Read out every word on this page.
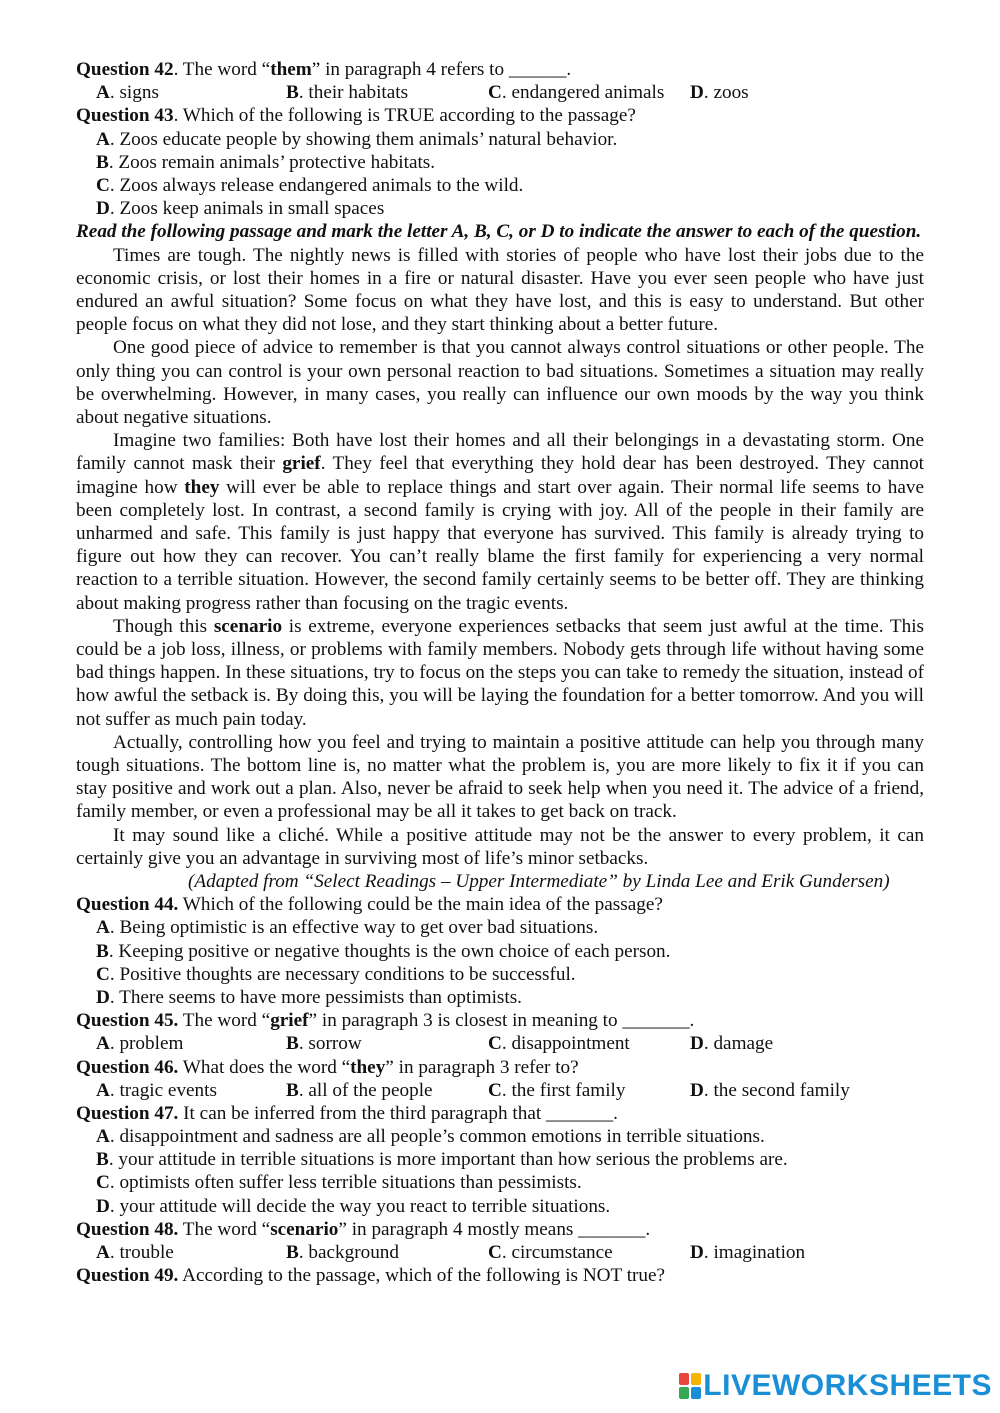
Question 42. The word “them” in paragraph 4 refers to ______.
A. signs	B. their habitats	C. endangered animals D. zoos
Question 43. Which of the following is TRUE according to the passage?
A. Zoos educate people by showing them animals’ natural behavior.
B. Zoos remain animals’ protective habitats.
C. Zoos always release endangered animals to the wild.
D. Zoos keep animals in small spaces
Read the following passage and mark the letter A, B, C, or D to indicate the answer to each of the question.

Times are tough. The nightly news is filled with stories of people who have lost their jobs due to the economic crisis, or lost their homes in a fire or natural disaster. Have you ever seen people who have just endured an awful situation? Some focus on what they have lost, and this is easy to understand. But other people focus on what they did not lose, and they start thinking about a better future.

One good piece of advice to remember is that you cannot always control situations or other people. The only thing you can control is your own personal reaction to bad situations. Sometimes a situation may really be overwhelming. However, in many cases, you really can influence our own moods by the way you think about negative situations.

Imagine two families: Both have lost their homes and all their belongings in a devastating storm. One family cannot mask their grief. They feel that everything they hold dear has been destroyed. They cannot imagine how they will ever be able to replace things and start over again. Their normal life seems to have been completely lost. In contrast, a second family is crying with joy. All of the people in their family are unharmed and safe. This family is just happy that everyone has survived. This family is already trying to figure out how they can recover. You can’t really blame the first family for experiencing a very normal reaction to a terrible situation. However, the second family certainly seems to be better off. They are thinking about making progress rather than focusing on the tragic events.

Though this scenario is extreme, everyone experiences setbacks that seem just awful at the time. This could be a job loss, illness, or problems with family members. Nobody gets through life without having some bad things happen. In these situations, try to focus on the steps you can take to remedy the situation, instead of how awful the setback is. By doing this, you will be laying the foundation for a better tomorrow. And you will not suffer as much pain today.

Actually, controlling how you feel and trying to maintain a positive attitude can help you through many tough situations. The bottom line is, no matter what the problem is, you are more likely to fix it if you can stay positive and work out a plan. Also, never be afraid to seek help when you need it. The advice of a friend, family member, or even a professional may be all it takes to get back on track.

It may sound like a cliché. While a positive attitude may not be the answer to every problem, it can certainly give you an advantage in surviving most of life’s minor setbacks.

(Adapted from “Select Readings – Upper Intermediate” by Linda Lee and Erik Gundersen)

Question 44. Which of the following could be the main idea of the passage?
A. Being optimistic is an effective way to get over bad situations.
B. Keeping positive or negative thoughts is the own choice of each person.
C. Positive thoughts are necessary conditions to be successful.
D. There seems to have more pessimists than optimists.
Question 45. The word “grief” in paragraph 3 is closest in meaning to _______.
A. problem	B. sorrow	C. disappointment	D. damage
Question 46. What does the word “they” in paragraph 3 refer to?
A. tragic events	B. all of the people	C. the first family	D. the second family
Question 47. It can be inferred from the third paragraph that _______.
A. disappointment and sadness are all people’s common emotions in terrible situations.
B. your attitude in terrible situations is more important than how serious the problems are.
C. optimists often suffer less terrible situations than pessimists.
D. your attitude will decide the way you react to terrible situations.
Question 48. The word “scenario” in paragraph 4 mostly means _______.
A. trouble	B. background	C. circumstance	D. imagination
Question 49. According to the passage, which of the following is NOT true?
LIVEWORKSHEETS
